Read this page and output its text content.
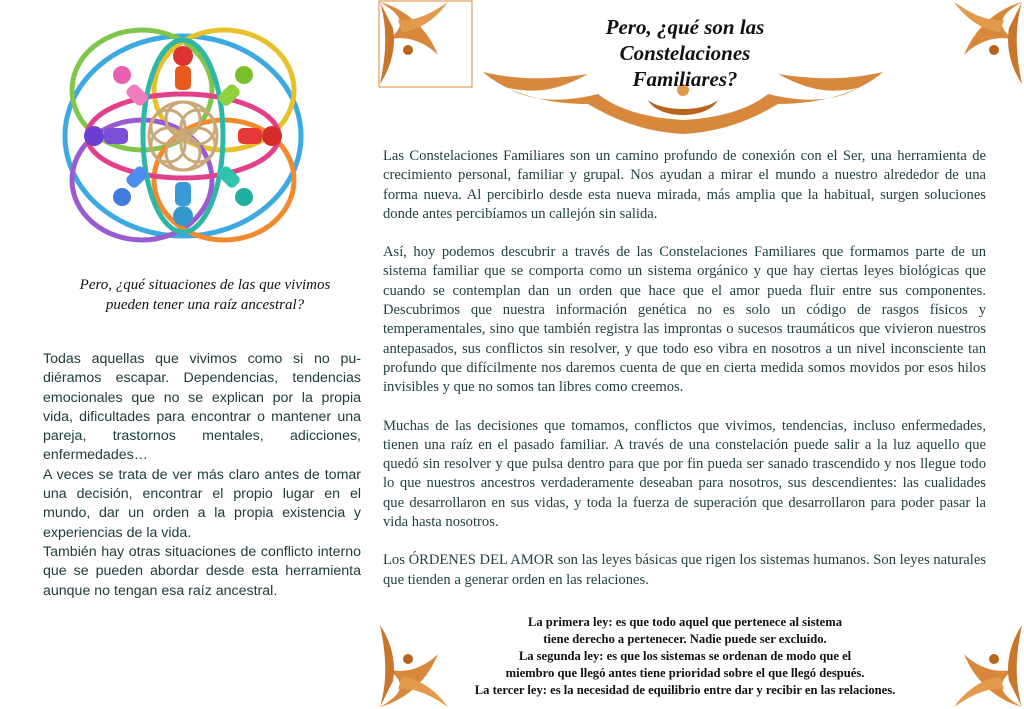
Pero, ¿qué situaciones de las que vivimos
pueden tener una raíz ancestral?

Todas aquellas que vivimos como si no pu-diéramos escapar. Dependencias, tendencias emocionales que no se explican por la propia vida, dificultades para encontrar o mantener una pareja, trastornos mentales, adicciones, enfermedades…

A veces se trata de ver más claro antes de tomar una decisión, encontrar el propio lugar en el mundo, dar un orden a la propia existencia y experiencias de la vida.

También hay otras situaciones de conflicto interno que se pueden abordar desde esta herramienta aunque no tengan esa raíz ancestral.

Pero, ¿qué son las
Constelaciones
Familiares?

Las Constelaciones Familiares son un camino profundo de conexión con el Ser, una herramienta de crecimiento personal, familiar y grupal. Nos ayudan a mirar el mundo a nuestro alrededor de una forma nueva. Al percibirlo desde esta nueva mirada, más amplia que la habitual, surgen soluciones donde antes percibíamos un callejón sin salida.

Así, hoy podemos descubrir a través de las Constelaciones Familiares que formamos parte de un sistema familiar que se comporta como un sistema orgánico y que hay ciertas leyes biológicas que cuando se contemplan dan un orden que hace que el amor pueda fluir entre sus componentes. Descubrimos que nuestra información genética no es solo un código de rasgos físicos y temperamentales, sino que también registra las improntas o sucesos traumáticos que vivieron nuestros antepasados, sus conflictos sin resolver, y que todo eso vibra en nosotros a un nivel inconsciente tan profundo que difícilmente nos daremos cuenta de que en cierta medida somos movidos por esos hilos invisibles y que no somos tan libres como creemos.

Muchas de las decisiones que tomamos, conflictos que vivimos, tendencias, incluso enfermedades, tienen una raíz en el pasado familiar. A través de una constelación puede salir a la luz aquello que quedó sin resolver y que pulsa dentro para que por fin pueda ser sanado trascendido y nos llegue todo lo que nuestros ancestros verdaderamente deseaban para nosotros, sus descendientes: las cualidades que desarrollaron en sus vidas, y toda la fuerza de superación que desarrollaron para poder pasar la vida hasta nosotros.

Los ÓRDENES DEL AMOR son las leyes básicas que rigen los sistemas humanos. Son leyes naturales que tienden a generar orden en las relaciones.

La primera ley: es que todo aquel que pertenece al sistema
tiene derecho a pertenecer. Nadie puede ser excluido.
La segunda ley: es que los sistemas se ordenan de modo que el
miembro que llegó antes tiene prioridad sobre el que llegó después.
La tercer ley: es la necesidad de equilibrio entre dar y recibir en las relaciones.
